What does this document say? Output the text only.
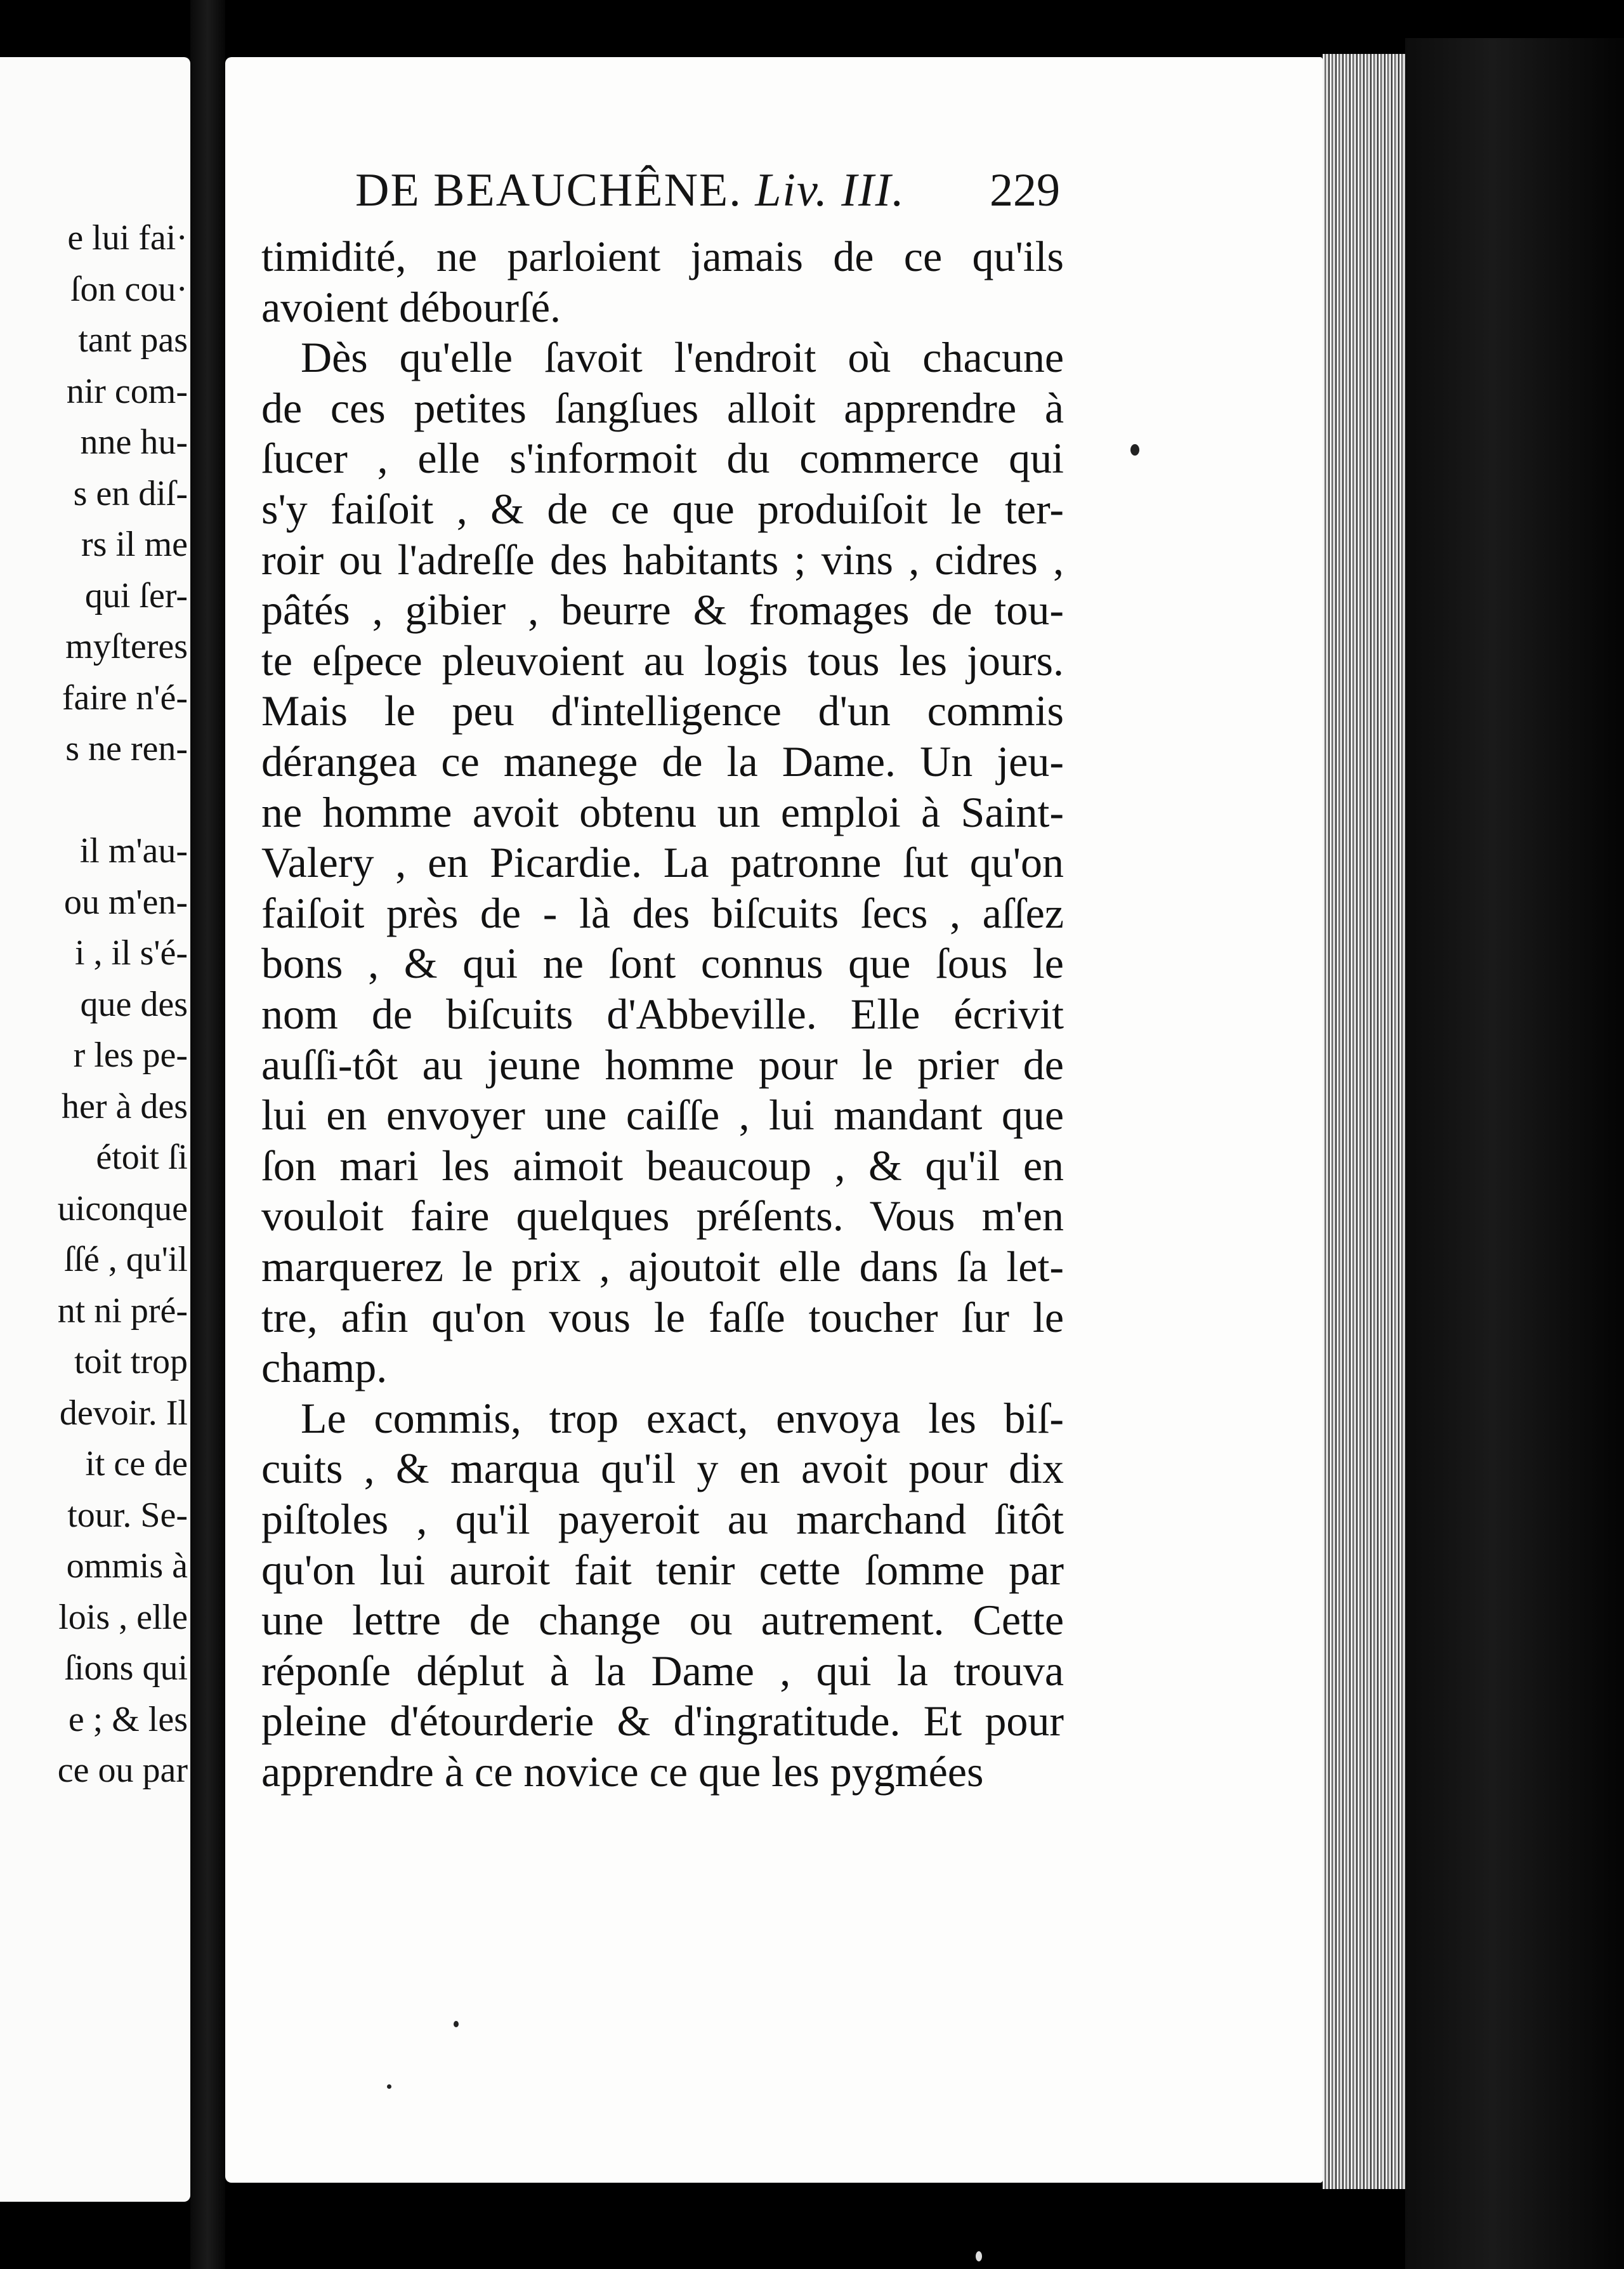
e lui fai·
ſon cou·
tant pas
nir com-
nne hu-
s en diſ-
rs il me
qui ſer-
myſteres
faire n'é-
s ne ren-
il m'au-
ou m'en-
i , il s'é-
que des
r les pe-
her à des
étoit ſi
uiconque
ſſé , qu'il
nt ni pré-
toit trop
devoir. Il
it ce de
tour. Se-
ommis à
lois , elle
ſions qui
e ; & les
ce ou par
DE BEAUCHÊNE. Liv. III.	229
timidité, ne parloient jamais de ce qu'ils
avoient débourſé.
Dès qu'elle ſavoit l'endroit où chacune
de ces petites ſangſues alloit apprendre à
ſucer , elle s'informoit du commerce qui
s'y faiſoit , & de ce que produiſoit le ter-
roir ou l'adreſſe des habitants ; vins , cidres ,
pâtés , gibier , beurre & fromages de tou-
te eſpece pleuvoient au logis tous les jours.
Mais le peu d'intelligence d'un commis
dérangea ce manege de la Dame. Un jeu-
ne homme avoit obtenu un emploi à Saint-
Valery , en Picardie. La patronne ſut qu'on
faiſoit près de - là des biſcuits ſecs , aſſez
bons , & qui ne ſont connus que ſous le
nom de biſcuits d'Abbeville. Elle écrivit
auſſi-tôt au jeune homme pour le prier de
lui en envoyer une caiſſe , lui mandant que
ſon mari les aimoit beaucoup , & qu'il en
vouloit faire quelques préſents. Vous m'en
marquerez le prix , ajoutoit elle dans ſa let-
tre, afin qu'on vous le faſſe toucher ſur le
champ.
Le commis, trop exact, envoya les biſ-
cuits , & marqua qu'il y en avoit pour dix
piſtoles , qu'il payeroit au marchand ſitôt
qu'on lui auroit fait tenir cette ſomme par
une lettre de change ou autrement. Cette
réponſe déplut à la Dame , qui la trouva
pleine d'étourderie & d'ingratitude. Et pour
apprendre à ce novice ce que les pygmées
